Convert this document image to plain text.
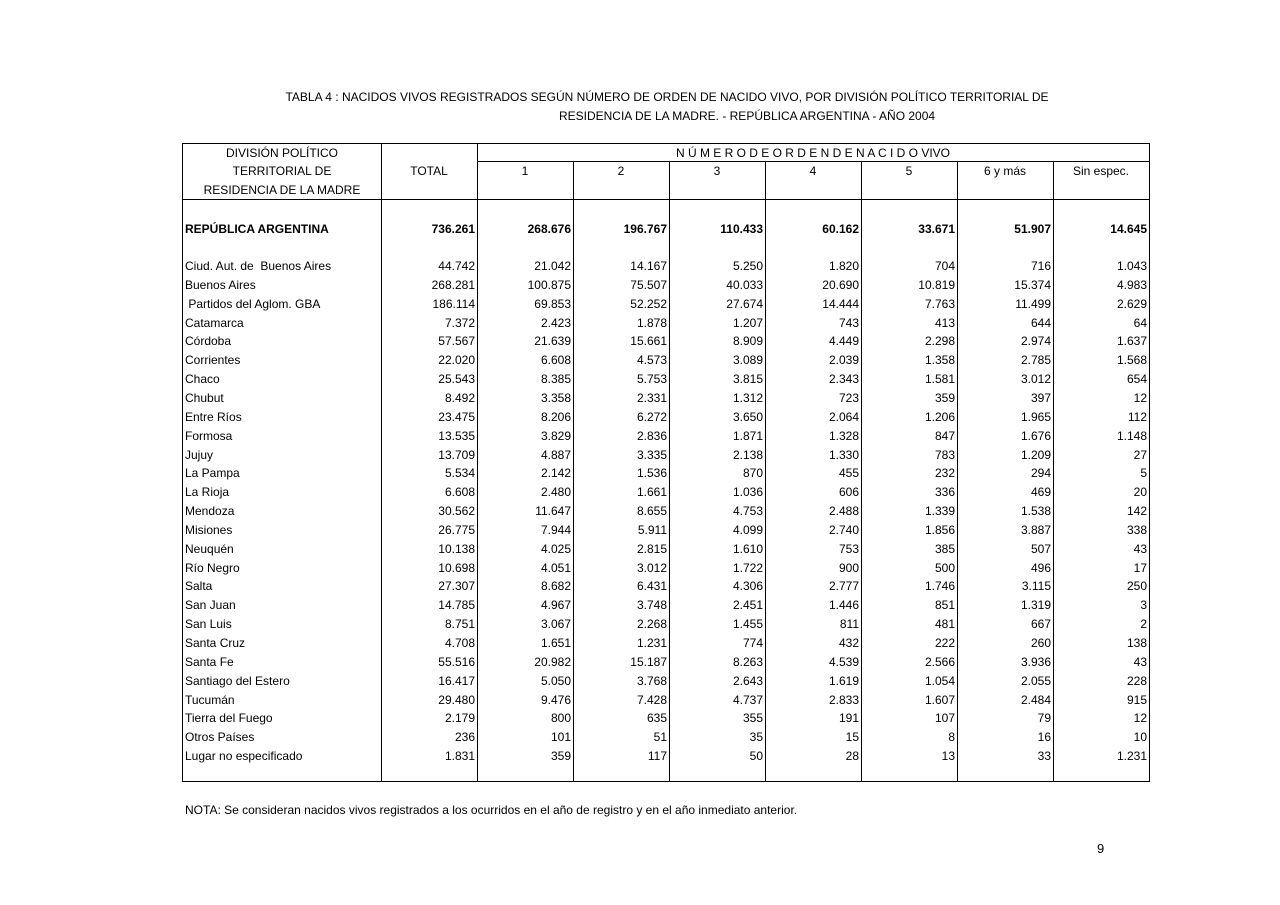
TABLA 4 : NACIDOS VIVOS REGISTRADOS SEGÚN NÚMERO DE ORDEN DE NACIDO VIVO, POR DIVISIÓN POLÍTICO TERRITORIAL DE
RESIDENCIA DE LA MADRE. - REPÚBLICA ARGENTINA - AÑO 2004
DIVISIÓN POLÍTICO
TERRITORIAL DE
RESIDENCIA DE LA MADRE
TOTAL
N Ú M E R O D E O R D E N D E N A C I D O VIVO
1	2	3	4	5	6 y más	Sin espec.
REPÚBLICA ARGENTINA	736.261	268.676	196.767	110.433	60.162	33.671	51.907	14.645
Ciud. Aut. de  Buenos Aires	44.742	21.042	14.167	5.250	1.820	704	716	1.043
Buenos Aires	268.281	100.875	75.507	40.033	20.690	10.819	15.374	4.983
Partidos del Aglom. GBA	186.114	69.853	52.252	27.674	14.444	7.763	11.499	2.629
Catamarca	7.372	2.423	1.878	1.207	743	413	644	64
Córdoba	57.567	21.639	15.661	8.909	4.449	2.298	2.974	1.637
Corrientes	22.020	6.608	4.573	3.089	2.039	1.358	2.785	1.568
Chaco	25.543	8.385	5.753	3.815	2.343	1.581	3.012	654
Chubut	8.492	3.358	2.331	1.312	723	359	397	12
Entre Ríos	23.475	8.206	6.272	3.650	2.064	1.206	1.965	112
Formosa	13.535	3.829	2.836	1.871	1.328	847	1.676	1.148
Jujuy	13.709	4.887	3.335	2.138	1.330	783	1.209	27
La Pampa	5.534	2.142	1.536	870	455	232	294	5
La Rioja	6.608	2.480	1.661	1.036	606	336	469	20
Mendoza	30.562	11.647	8.655	4.753	2.488	1.339	1.538	142
Misiones	26.775	7.944	5.911	4.099	2.740	1.856	3.887	338
Neuquén	10.138	4.025	2.815	1.610	753	385	507	43
Río Negro	10.698	4.051	3.012	1.722	900	500	496	17
Salta	27.307	8.682	6.431	4.306	2.777	1.746	3.115	250
San Juan	14.785	4.967	3.748	2.451	1.446	851	1.319	3
San Luis	8.751	3.067	2.268	1.455	811	481	667	2
Santa Cruz	4.708	1.651	1.231	774	432	222	260	138
Santa Fe	55.516	20.982	15.187	8.263	4.539	2.566	3.936	43
Santiago del Estero	16.417	5.050	3.768	2.643	1.619	1.054	2.055	228
Tucumán	29.480	9.476	7.428	4.737	2.833	1.607	2.484	915
Tierra del Fuego	2.179	800	635	355	191	107	79	12
Otros Países	236	101	51	35	15	8	16	10
Lugar no especificado	1.831	359	117	50	28	13	33	1.231
NOTA: Se consideran nacidos vivos registrados a los ocurridos en el año de registro y en el año inmediato anterior.
9
